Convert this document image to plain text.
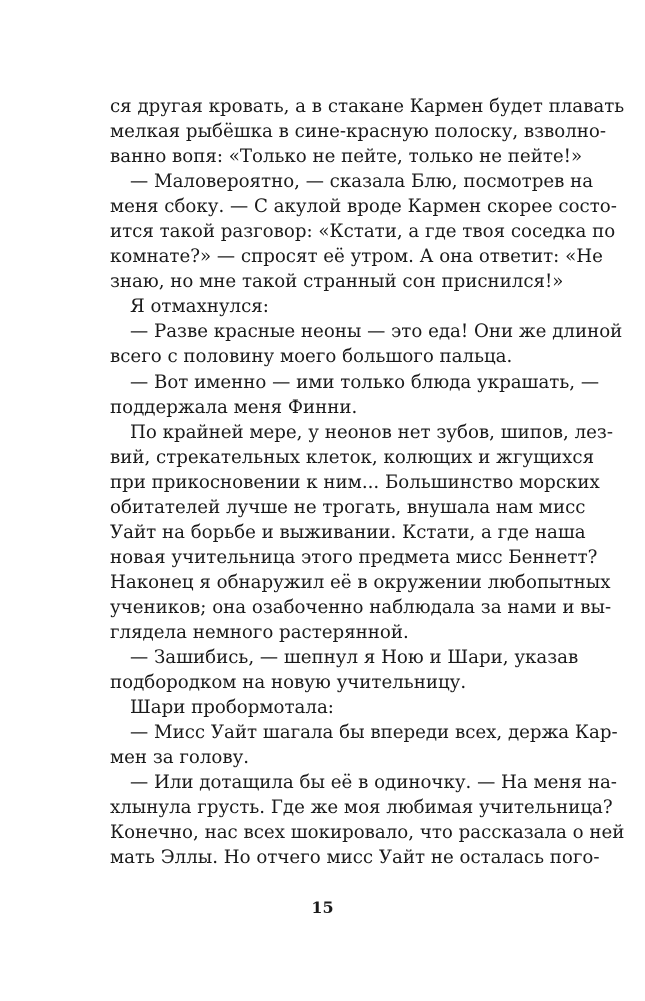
ся другая кровать, а в стакане Кармен будет плавать
мелкая рыбёшка в сине-красную полоску, взволно-
ванно вопя: «Только не пейте, только не пейте!»
— Маловероятно, — сказала Блю, посмотрев на
меня сбоку. — С акулой вроде Кармен скорее состо-
ится такой разговор: «Кстати, а где твоя соседка по
комнате?» — спросят её утром. А она ответит: «Не
знаю, но мне такой странный сон приснился!»
Я отмахнулся:
— Разве красные неоны — это еда! Они же длиной
всего с половину моего большого пальца.
— Вот именно — ими только блюда украшать, —
поддержала меня Финни.
По крайней мере, у неонов нет зубов, шипов, лез-
вий, стрекательных клеток, колющих и жгущихся
при прикосновении к ним... Большинство морских
обитателей лучше не трогать, внушала нам мисс
Уайт на борьбе и выживании. Кстати, а где наша
новая учительница этого предмета мисс Беннетт?
Наконец я обнаружил её в окружении любопытных
учеников; она озабоченно наблюдала за нами и вы-
глядела немного растерянной.
— Зашибись, — шепнул я Ною и Шари, указав
подбородком на новую учительницу.
Шари пробормотала:
— Мисс Уайт шагала бы впереди всех, держа Кар-
мен за голову.
— Или дотащила бы её в одиночку. — На меня на-
хлынула грусть. Где же моя любимая учительница?
Конечно, нас всех шокировало, что рассказала о ней
мать Эллы. Но отчего мисс Уайт не осталась пого-
15
